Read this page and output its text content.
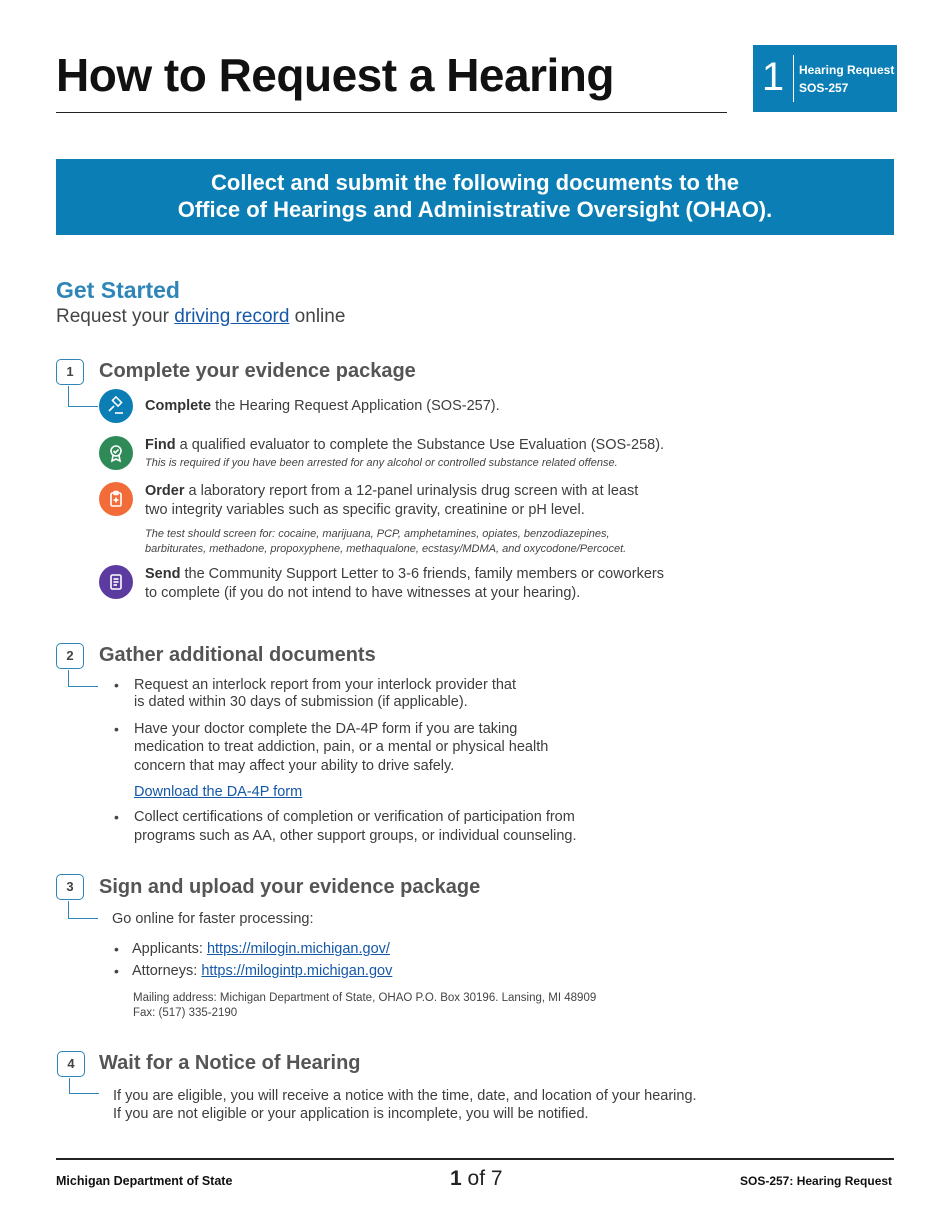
How to Request a Hearing	1 Hearing Request
SOS-257
Collect and submit the following documents to the
Office of Hearings and Administrative Oversight (OHAO).
Get Started
Request your driving record online
1	Complete your evidence package
Complete the Hearing Request Application (SOS-257).
Find a qualified evaluator to complete the Substance Use Evaluation (SOS-258).
This is required if you have been arrested for any alcohol or controlled substance related offense.
Order a laboratory report from a 12-panel urinalysis drug screen with at least
two integrity variables such as specific gravity, creatinine or pH level.
The test should screen for: cocaine, marijuana, PCP, amphetamines, opiates, benzodiazepines,
barbiturates, methadone, propoxyphene, methaqualone, ecstasy/MDMA, and oxycodone/Percocet.
Send the Community Support Letter to 3-6 friends, family members or coworkers
to complete (if you do not intend to have witnesses at your hearing).
2	Gather additional documents
• Request an interlock report from your interlock provider that
is dated within 30 days of submission (if applicable).
• Have your doctor complete the DA-4P form if you are taking
medication to treat addiction, pain, or a mental or physical health
concern that may affect your ability to drive safely.
Download the DA-4P form
• Collect certifications of completion or verification of participation from
programs such as AA, other support groups, or individual counseling.
3	Sign and upload your evidence package
Go online for faster processing:
• Applicants: https://milogin.michigan.gov/
• Attorneys: https://milogintp.michigan.gov
Mailing address: Michigan Department of State, OHAO P.O. Box 30196. Lansing, MI 48909
Fax: (517) 335-2190
4	Wait for a Notice of Hearing
If you are eligible, you will receive a notice with the time, date, and location of your hearing.
If you are not eligible or your application is incomplete, you will be notified.
Michigan Department of State	1 of 7	SOS-257: Hearing Request
